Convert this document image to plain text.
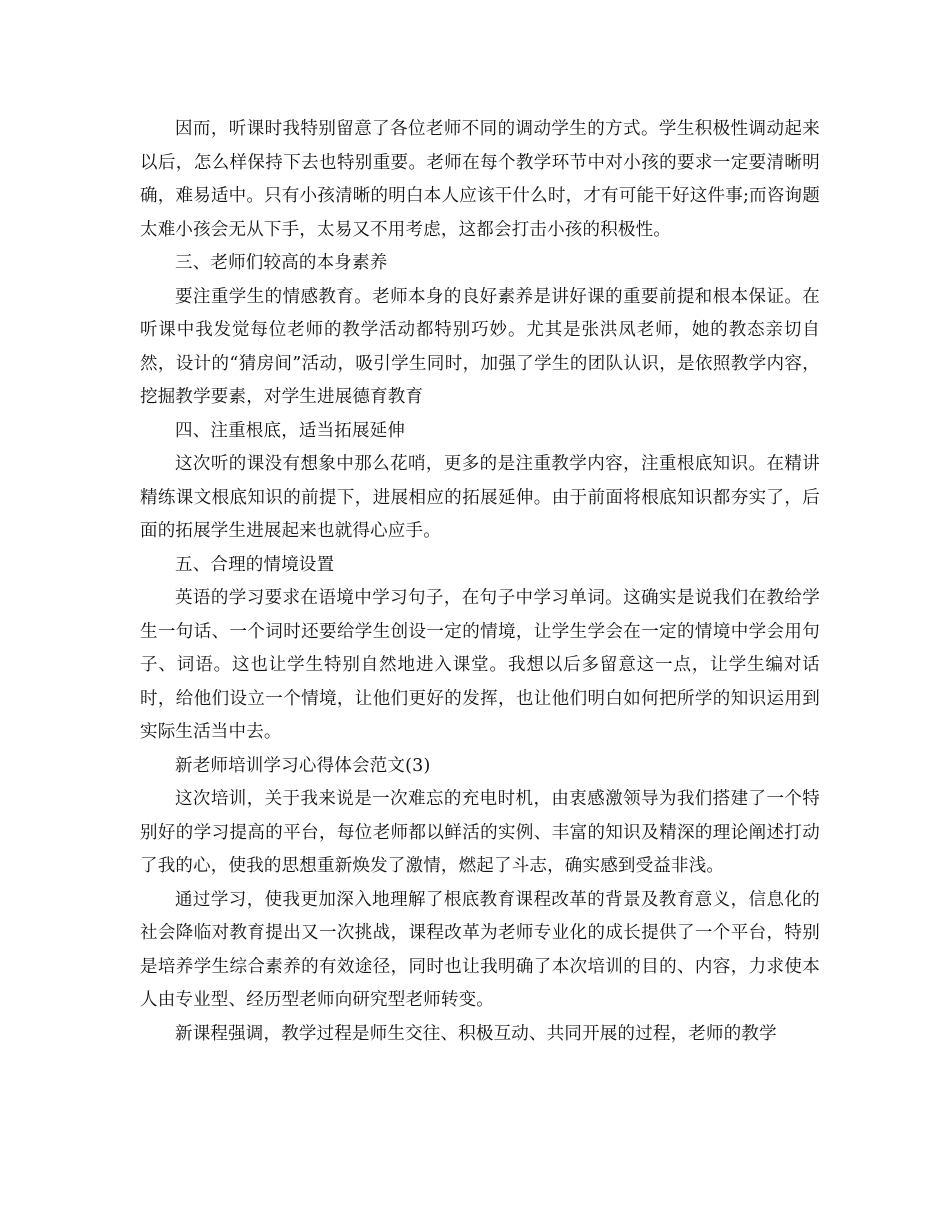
因而，听课时我特别留意了各位老师不同的调动学生的方式。学生积极性调动起来以后，怎么样保持下去也特别重要。老师在每个教学环节中对小孩的要求一定要清晰明确，难易适中。只有小孩清晰的明白本人应该干什么时，才有可能干好这件事;而咨询题太难小孩会无从下手，太易又不用考虑，这都会打击小孩的积极性。

三、老师们较高的本身素养

要注重学生的情感教育。老师本身的良好素养是讲好课的重要前提和根本保证。在听课中我发觉每位老师的教学活动都特别巧妙。尤其是张洪凤老师，她的教态亲切自然，设计的“猜房间”活动，吸引学生同时，加强了学生的团队认识，是依照教学内容，挖掘教学要素，对学生进展德育教育

四、注重根底，适当拓展延伸

这次听的课没有想象中那么花哨，更多的是注重教学内容，注重根底知识。在精讲精练课文根底知识的前提下，进展相应的拓展延伸。由于前面将根底知识都夯实了，后面的拓展学生进展起来也就得心应手。

五、合理的情境设置

英语的学习要求在语境中学习句子，在句子中学习单词。这确实是说我们在教给学生一句话、一个词时还要给学生创设一定的情境，让学生学会在一定的情境中学会用句子、词语。这也让学生特别自然地进入课堂。我想以后多留意这一点，让学生编对话时，给他们设立一个情境，让他们更好的发挥，也让他们明白如何把所学的知识运用到实际生活当中去。

新老师培训学习心得体会范文(3)

这次培训，关于我来说是一次难忘的充电时机，由衷感激领导为我们搭建了一个特别好的学习提高的平台，每位老师都以鲜活的实例、丰富的知识及精深的理论阐述打动了我的心，使我的思想重新焕发了激情，燃起了斗志，确实感到受益非浅。

通过学习，使我更加深入地理解了根底教育课程改革的背景及教育意义，信息化的社会降临对教育提出又一次挑战，课程改革为老师专业化的成长提供了一个平台，特别是培养学生综合素养的有效途径，同时也让我明确了本次培训的目的、内容，力求使本人由专业型、经历型老师向研究型老师转变。

新课程强调，教学过程是师生交往、积极互动、共同开展的过程，老师的教学
